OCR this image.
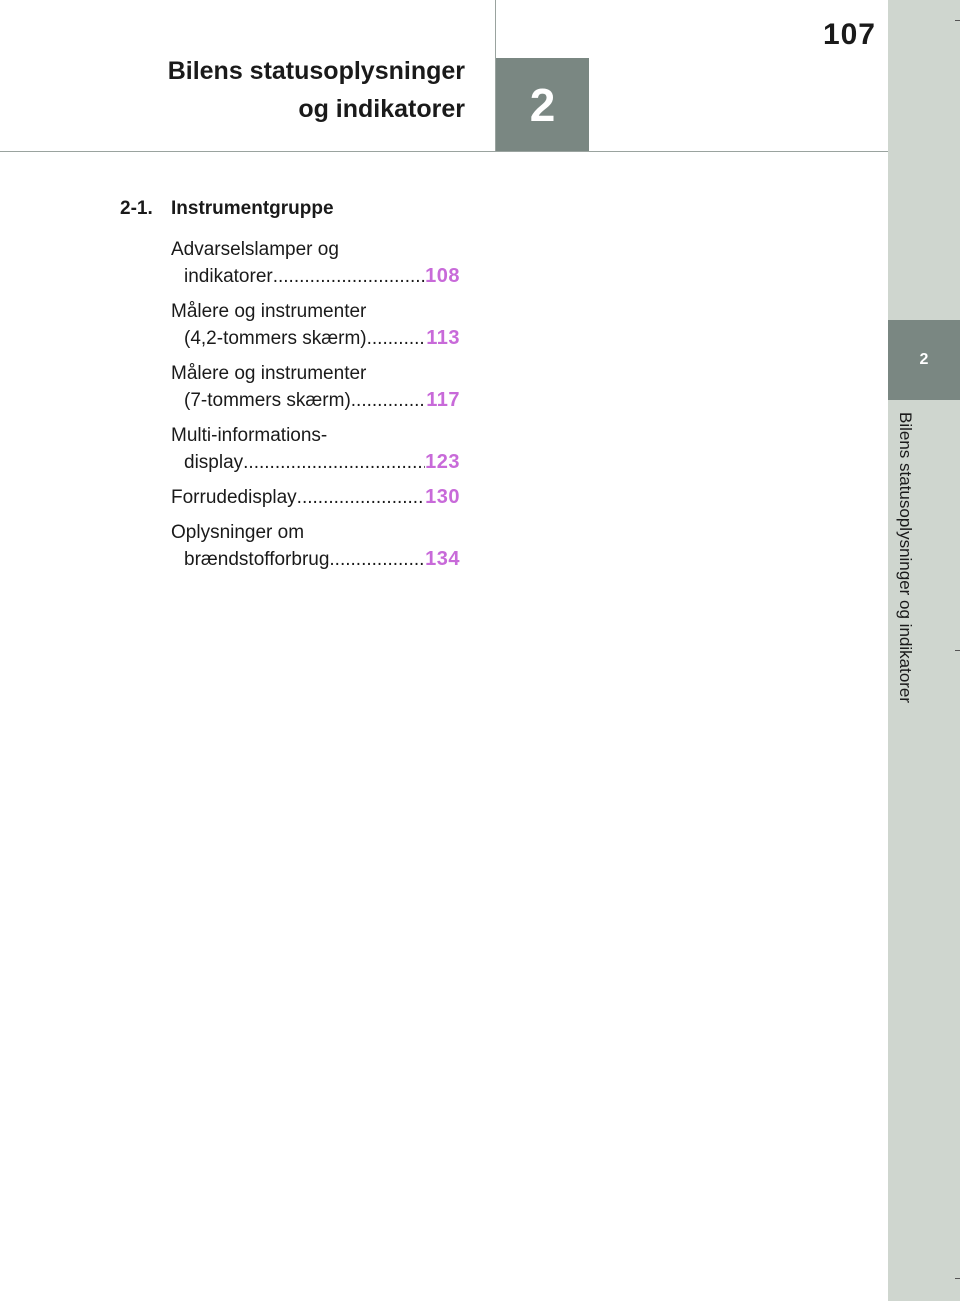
2
Bilens statusoplysninger og indikatorer
107
Bilens statusoplysninger
og indikatorer	2
2-1. Instrumentgruppe
Advarselslamper og
indikatorer .....	108
Målere og instrumenter
(4,2-tommers skærm) .....	113
Målere og instrumenter
(7-tommers skærm) .....	117
Multi-informations-
display .....	123
Forrudedisplay .....	130
Oplysninger om
brændstofforbrug .....	134
